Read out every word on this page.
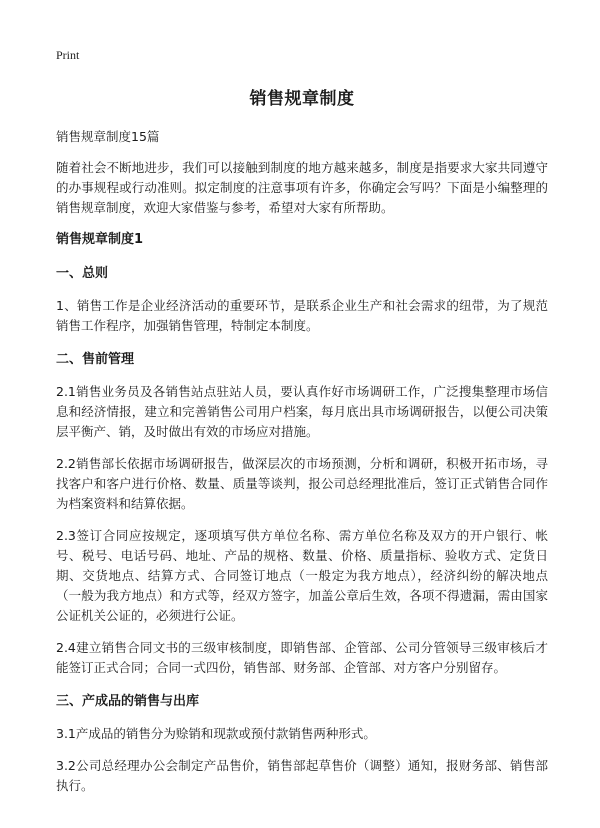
Print
销售规章制度
销售规章制度15篇

随着社会不断地进步，我们可以接触到制度的地方越来越多，制度是指要求大家共同遵守的办事规程或行动准则。拟定制度的注意事项有许多，你确定会写吗？下面是小编整理的销售规章制度，欢迎大家借鉴与参考，希望对大家有所帮助。

销售规章制度1
一、总则

1、销售工作是企业经济活动的重要环节，是联系企业生产和社会需求的纽带，为了规范销售工作程序，加强销售管理，特制定本制度。

二、售前管理

2.1销售业务员及各销售站点驻站人员，要认真作好市场调研工作，广泛搜集整理市场信息和经济情报，建立和完善销售公司用户档案，每月底出具市场调研报告，以便公司决策层平衡产、销，及时做出有效的市场应对措施。

2.2销售部长依据市场调研报告，做深层次的市场预测，分析和调研，积极开拓市场，寻找客户和客户进行价格、数量、质量等谈判，报公司总经理批准后，签订正式销售合同作为档案资料和结算依据。

2.3签订合同应按规定，逐项填写供方单位名称、需方单位名称及双方的开户银行、帐号、税号、电话号码、地址、产品的规格、数量、价格、质量指标、验收方式、定货日期、交货地点、结算方式、合同签订地点（一般定为我方地点），经济纠纷的解决地点（一般为我方地点）和方式等，经双方签字，加盖公章后生效，各项不得遗漏，需由国家公证机关公证的，必须进行公证。

2.4建立销售合同文书的三级审核制度，即销售部、企管部、公司分管领导三级审核后才能签订正式合同；合同一式四份，销售部、财务部、企管部、对方客户分别留存。

三、产成品的销售与出库

3.1产成品的销售分为赊销和现款或预付款销售两种形式。

3.2公司总经理办公会制定产品售价，销售部起草售价（调整）通知，报财务部、销售部执行。
